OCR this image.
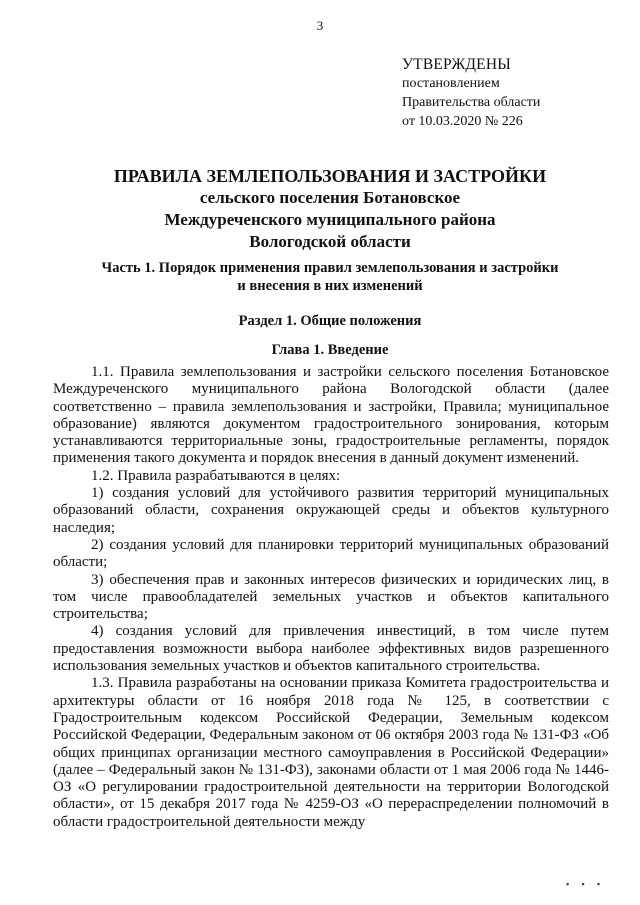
3
УТВЕРЖДЕНЫ
постановлением
Правительства области
от 10.03.2020 № 226
ПРАВИЛА ЗЕМЛЕПОЛЬЗОВАНИЯ И ЗАСТРОЙКИ
сельского поселения Ботановское
Междуреченского муниципального района
Вологодской области
Часть 1. Порядок применения правил землепользования и застройки
и внесения в них изменений
Раздел 1. Общие положения
Глава 1. Введение

1.1. Правила землепользования и застройки сельского поселения Ботановское Междуреченского муниципального района Вологодской области (далее соответственно – правила землепользования и застройки, Правила; муниципальное образование) являются документом градостроительного зонирования, которым устанавливаются территориальные зоны, градостроительные регламенты, порядок применения такого документа и порядок внесения в данный документ изменений.

1.2. Правила разрабатываются в целях:

1) создания условий для устойчивого развития территорий муниципальных образований области, сохранения окружающей среды и объектов культурного наследия;

2) создания условий для планировки территорий муниципальных образований области;

3) обеспечения прав и законных интересов физических и юридических лиц, в том числе правообладателей земельных участков и объектов капитального строительства;

4) создания условий для привлечения инвестиций, в том числе путем предоставления возможности выбора наиболее эффективных видов разрешенного использования земельных участков и объектов капитального строительства.

1.3. Правила разработаны на основании приказа Комитета градостроительства и архитектуры области от 16 ноября 2018 года № 125, в соответствии с Градостроительным кодексом Российской Федерации, Земельным кодексом Российской Федерации, Федеральным законом от 06 октября 2003 года № 131-ФЗ «Об общих принципах организации местного самоуправления в Российской Федерации» (далее – Федеральный закон № 131-ФЗ), законами области от 1 мая 2006 года № 1446-ОЗ «О регулировании градостроительной деятельности на территории Вологодской области», от 15 декабря 2017 года № 4259-ОЗ «О перераспределении полномочий в области градостроительной деятельности между

▪ ▪ ▪
